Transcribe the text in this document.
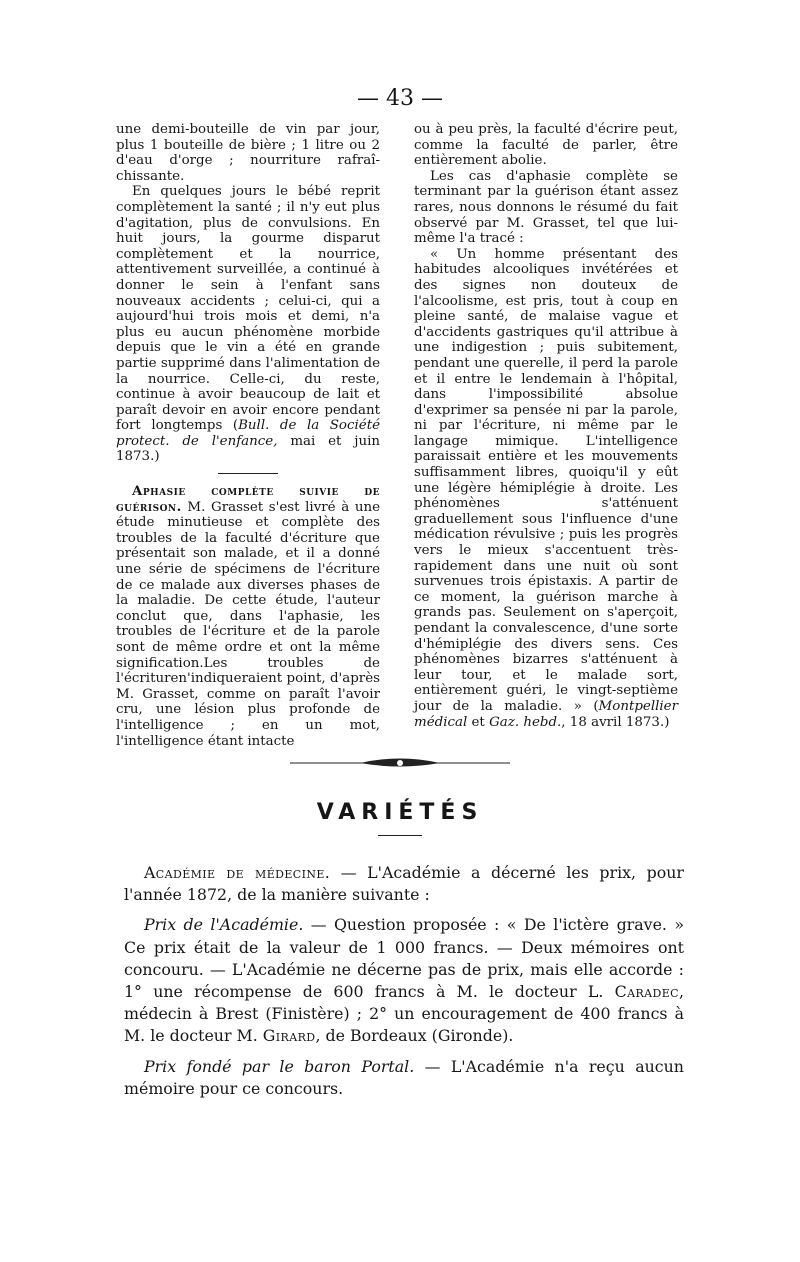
— 43 —

une demi-bouteille de vin par jour, plus 1 bouteille de bière ; 1 litre ou 2 d'eau d'orge ; nourriture rafraî-chissante.

En quelques jours le bébé reprit complètement la santé ; il n'y eut plus d'agitation, plus de convulsions. En huit jours, la gourme disparut complètement et la nourrice, attentivement surveillée, a continué à donner le sein à l'enfant sans nouveaux accidents ; celui-ci, qui a aujourd'hui trois mois et demi, n'a plus eu aucun phénomène morbide depuis que le vin a été en grande partie supprimé dans l'alimentation de la nourrice. Celle-ci, du reste, continue à avoir beaucoup de lait et paraît devoir en avoir encore pendant fort longtemps (Bull. de la Société protect. de l'enfance, mai et juin 1873.)

Aphasie complète suivie de guérison. M. Grasset s'est livré à une étude minutieuse et complète des troubles de la faculté d'écriture que présentait son malade, et il a donné une série de spécimens de l'écriture de ce malade aux diverses phases de la maladie. De cette étude, l'auteur conclut que, dans l'aphasie, les troubles de l'écriture et de la parole sont de même ordre et ont la même signification.Les troubles de l'écrituren'indiqueraient point, d'après M. Grasset, comme on paraît l'avoir cru, une lésion plus profonde de l'intelligence ; en un mot, l'intelligence étant intacte

ou à peu près, la faculté d'écrire peut, comme la faculté de parler, être entièrement abolie.

Les cas d'aphasie complète se terminant par la guérison étant assez rares, nous donnons le résumé du fait observé par M. Grasset, tel que lui-même l'a tracé :

« Un homme présentant des habitudes alcooliques invétérées et des signes non douteux de l'alcoolisme, est pris, tout à coup en pleine santé, de malaise vague et d'accidents gastriques qu'il attribue à une indigestion ; puis subitement, pendant une querelle, il perd la parole et il entre le lendemain à l'hôpital, dans l'impossibilité absolue d'exprimer sa pensée ni par la parole, ni par l'écriture, ni même par le langage mimique. L'intelligence paraissait entière et les mouvements suffisamment libres, quoiqu'il y eût une légère hémiplégie à droite. Les phénomènes s'atténuent graduellement sous l'influence d'une médication révulsive ; puis les progrès vers le mieux s'accentuent très-rapidement dans une nuit où sont survenues trois épistaxis. A partir de ce moment, la guérison marche à grands pas. Seulement on s'aperçoit, pendant la convalescence, d'une sorte d'hémiplégie des divers sens. Ces phénomènes bizarres s'atténuent à leur tour, et le malade sort, entièrement guéri, le vingt-septième jour de la maladie. » (Montpellier médical et Gaz. hebd., 18 avril 1873.)

VARIÉTÉS

Académie de médecine. — L'Académie a décerné les prix, pour l'année 1872, de la manière suivante :

Prix de l'Académie. — Question proposée : « De l'ictère grave. » Ce prix était de la valeur de 1 000 francs. — Deux mémoires ont concouru. — L'Académie ne décerne pas de prix, mais elle accorde : 1° une récompense de 600 francs à M. le docteur L. Caradec, médecin à Brest (Finistère) ; 2° un encouragement de 400 francs à M. le docteur M. Girard, de Bordeaux (Gironde).

Prix fondé par le baron Portal. — L'Académie n'a reçu aucun mémoire pour ce concours.
